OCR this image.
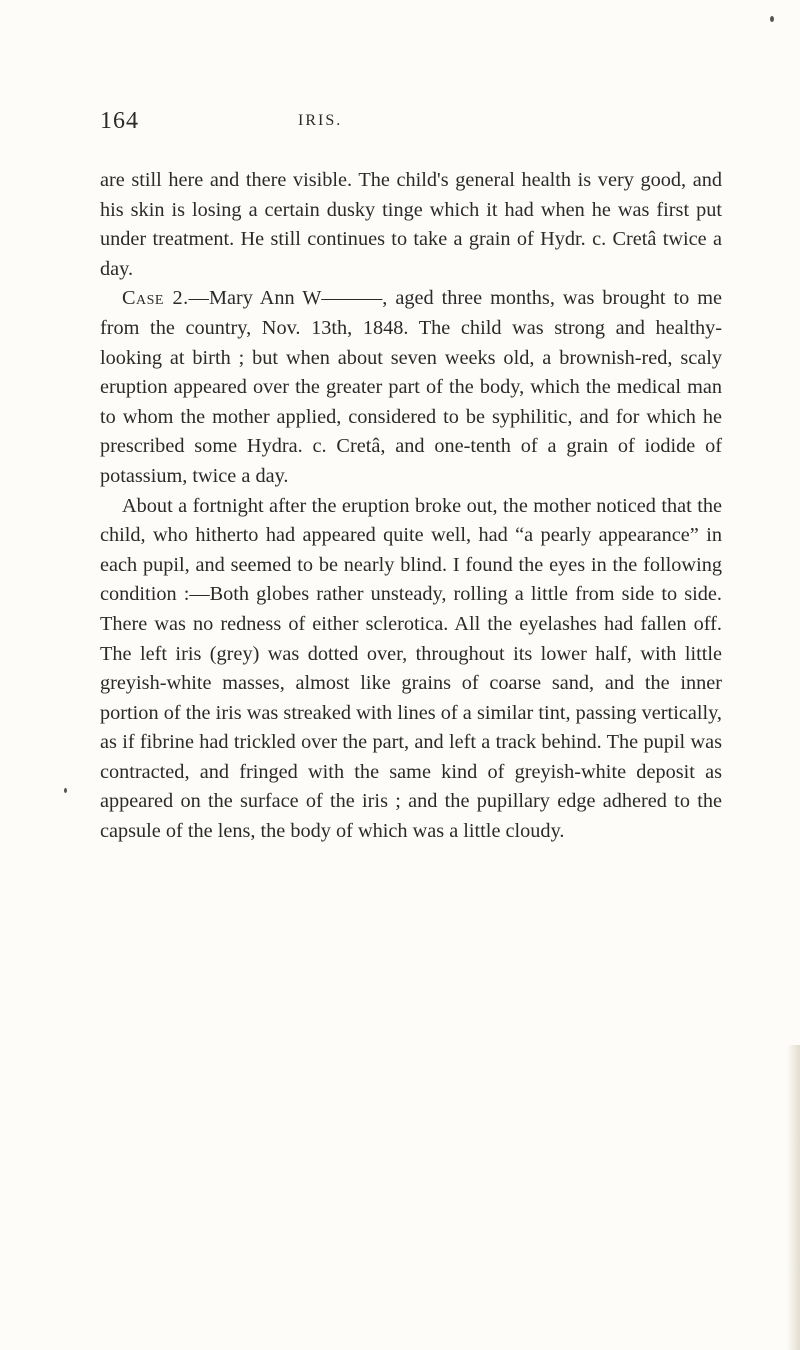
164	IRIS.

are still here and there visible. The child's general health is very good, and his skin is losing a certain dusky tinge which it had when he was first put under treatment. He still continues to take a grain of Hydr. c. Cretâ twice a day.

Case 2.—Mary Ann W———, aged three months, was brought to me from the country, Nov. 13th, 1848. The child was strong and healthy-looking at birth ; but when about seven weeks old, a brownish-red, scaly eruption appeared over the greater part of the body, which the medical man to whom the mother applied, considered to be syphilitic, and for which he prescribed some Hydra. c. Cretâ, and one-tenth of a grain of iodide of potassium, twice a day.

About a fortnight after the eruption broke out, the mother noticed that the child, who hitherto had appeared quite well, had “a pearly appearance” in each pupil, and seemed to be nearly blind. I found the eyes in the following condition :—Both globes rather unsteady, rolling a little from side to side. There was no redness of either sclerotica. All the eyelashes had fallen off. The left iris (grey) was dotted over, throughout its lower half, with little greyish-white masses, almost like grains of coarse sand, and the inner portion of the iris was streaked with lines of a similar tint, passing vertically, as if fibrine had trickled over the part, and left a track behind. The pupil was contracted, and fringed with the same kind of greyish-white deposit as appeared on the surface of the iris ; and the pupillary edge adhered to the capsule of the lens, the body of which was a little cloudy.
